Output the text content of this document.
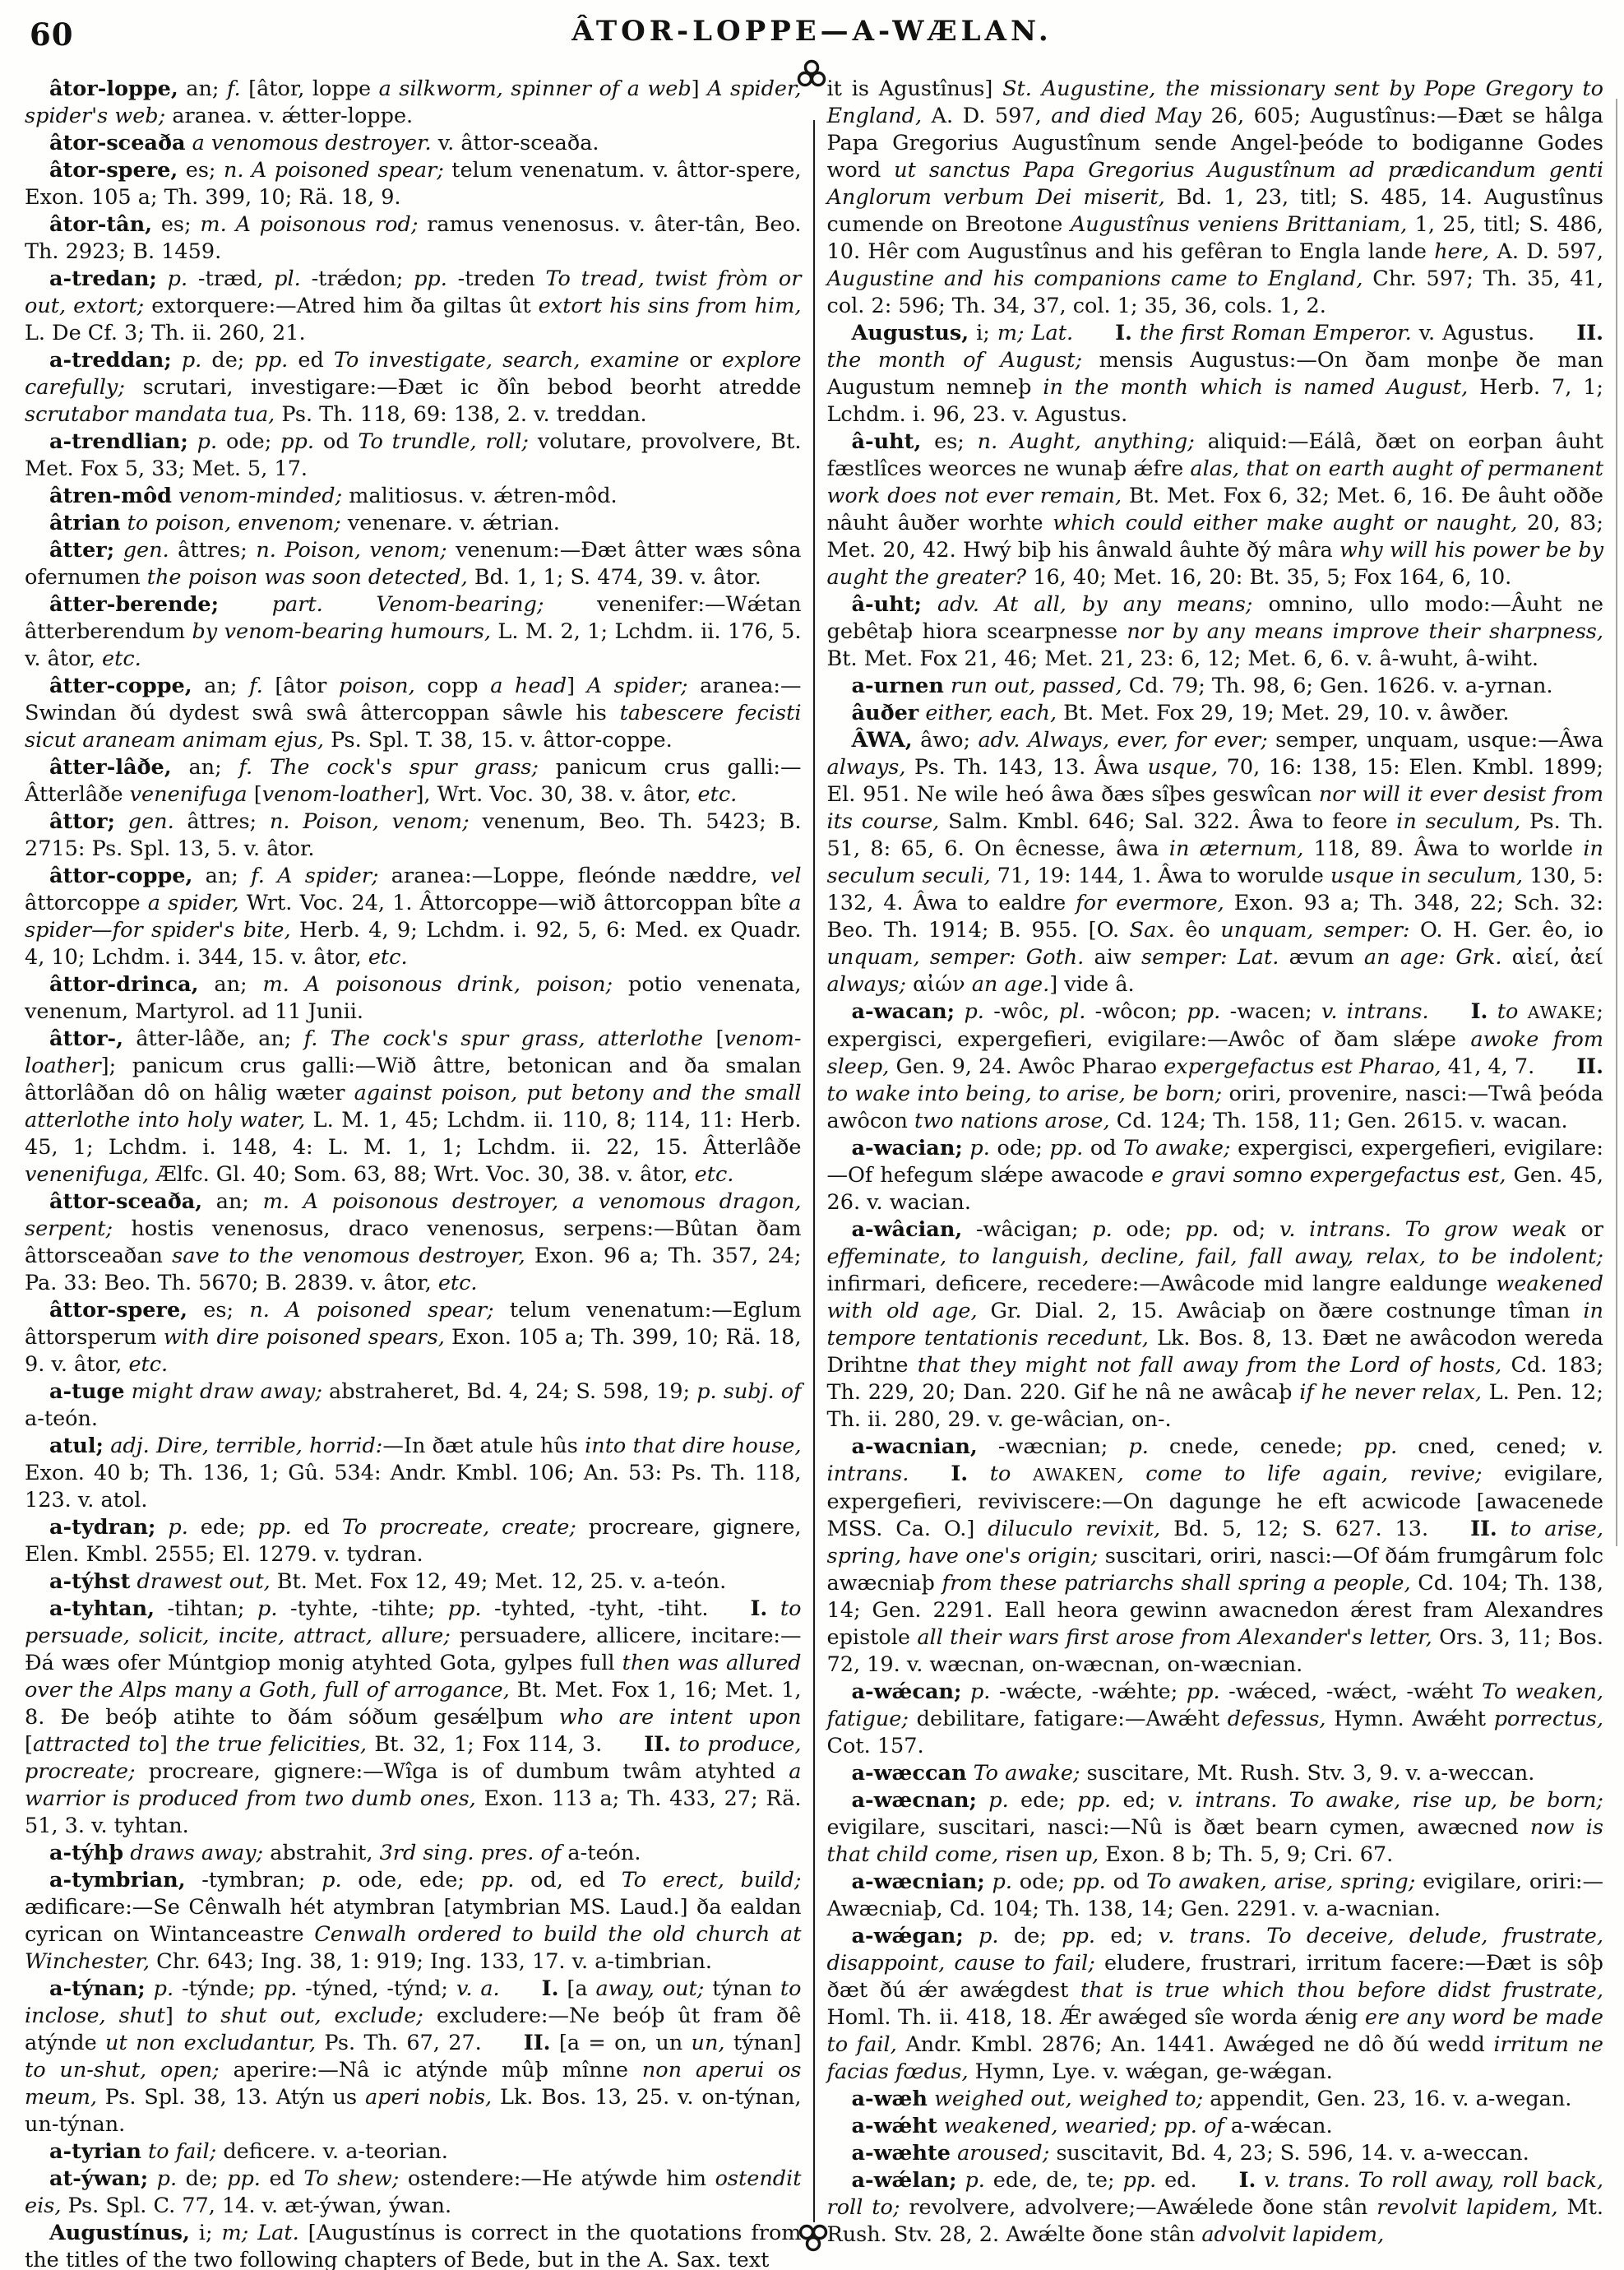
60	ÂTOR-LOPPE—A-WÆLAN.

âtor-loppe, an; f. [âtor, loppe a silkworm, spinner of a web] A spider, spider's web; aranea. v. ǽtter-loppe.

âtor-sceaða a venomous destroyer. v. âttor-sceaða.

âtor-spere, es; n. A poisoned spear; telum venenatum. v. âttor-spere, Exon. 105 a; Th. 399, 10; Rä. 18, 9.

âtor-tân, es; m. A poisonous rod; ramus venenosus. v. âter-tân, Beo. Th. 2923; B. 1459.

a-tredan; p. -træd, pl. -trǽdon; pp. -treden To tread, twist fròm or out, extort; extorquere:—Atred him ða giltas ût extort his sins from him, L. De Cf. 3; Th. ii. 260, 21.

a-treddan; p. de; pp. ed To investigate, search, examine or explore carefully; scrutari, investigare:—Ðæt ic ðîn bebod beorht atredde scrutabor mandata tua, Ps. Th. 118, 69: 138, 2. v. treddan.

a-trendlian; p. ode; pp. od To trundle, roll; volutare, provolvere, Bt. Met. Fox 5, 33; Met. 5, 17.

âtren-môd venom-minded; malitiosus. v. ǽtren-môd.

âtrian to poison, envenom; venenare. v. ǽtrian.

âtter; gen. âttres; n. Poison, venom; venenum:—Ðæt âtter wæs sôna ofernumen the poison was soon detected, Bd. 1, 1; S. 474, 39. v. âtor.

âtter-berende;	part. Venom-bearing; venenifer:—Wǽtan âtterberendum by venom-bearing humours, L. M. 2, 1; Lchdm. ii. 176, 5. v. âtor, etc.

âtter-coppe, an; f. [âtor poison, copp a head] A spider; aranea:—Swindan ðú dydest swâ swâ âttercoppan sâwle his tabescere fecisti sicut araneam animam ejus, Ps. Spl. T. 38, 15. v. âttor-coppe.

âtter-lâðe, an; f. The cock's spur grass; panicum crus galli:—Âtterlâðe venenifuga [venom-loather], Wrt. Voc. 30, 38. v. âtor, etc.

âttor; gen. âttres; n. Poison, venom; venenum, Beo. Th. 5423; B. 2715: Ps. Spl. 13, 5. v. âtor.

âttor-coppe, an; f. A spider; aranea:—Loppe, fleónde næddre, vel âttorcoppe a spider, Wrt. Voc. 24, 1. Âttorcoppe—wið âttorcoppan bîte a spider—for spider's bite, Herb. 4, 9; Lchdm. i. 92, 5, 6: Med. ex Quadr. 4, 10; Lchdm. i. 344, 15. v. âtor, etc.

âttor-drinca, an; m. A poisonous drink, poison; potio venenata, venenum, Martyrol. ad 11 Junii.

âttor-, âtter-lâðe, an; f. The cock's spur grass, atterlothe [venom-loather]; panicum crus galli:—Wið âttre, betonican and ða smalan âttorlâðan dô on hâlig wæter against poison, put betony and the small atterlothe into holy water, L. M. 1, 45; Lchdm. ii. 110, 8; 114, 11: Herb. 45, 1; Lchdm. i. 148, 4: L. M. 1, 1; Lchdm. ii. 22, 15. Âtterlâðe venenifuga, Ælfc. Gl. 40; Som. 63, 88; Wrt. Voc. 30, 38. v. âtor, etc.

âttor-sceaða, an; m. A poisonous destroyer, a venomous dragon, serpent; hostis venenosus, draco venenosus, serpens:—Bûtan ðam âttorsceaðan save to the venomous destroyer, Exon. 96 a; Th. 357, 24; Pa. 33: Beo. Th. 5670; B. 2839. v. âtor, etc.

âttor-spere, es; n. A poisoned spear; telum venenatum:—Eglum âttorsperum with dire poisoned spears, Exon. 105 a; Th. 399, 10; Rä. 18, 9. v. âtor, etc.

a-tuge might draw away; abstraheret, Bd. 4, 24; S. 598, 19; p. subj. of a-teón.

atul; adj. Dire, terrible, horrid:—In ðæt atule hûs into that dire house, Exon. 40 b; Th. 136, 1; Gû. 534: Andr. Kmbl. 106; An. 53: Ps. Th. 118, 123. v. atol.

a-tydran; p. ede; pp. ed To procreate, create; procreare, gignere, Elen. Kmbl. 2555; El. 1279. v. tydran.

a-týhst drawest out, Bt. Met. Fox 12, 49; Met. 12, 25. v. a-teón.

a-tyhtan, -tihtan; p. -tyhte, -tihte; pp. -tyhted, -tyht, -tiht.  I. to persuade, solicit, incite, attract, allure; persuadere, allicere, incitare:—Ðá wæs ofer Múntgiop monig atyhted Gota, gylpes full then was allured over the Alps many a Goth, full of arrogance, Bt. Met. Fox 1, 16; Met. 1, 8. Ðe beóþ atihte to ðám sóðum gesǽlþum who are intent upon [attracted to] the true felicities, Bt. 32, 1; Fox 114, 3.  II. to produce, procreate; procreare, gignere:—Wîga is of dumbum twâm atyhted a warrior is produced from two dumb ones, Exon. 113 a; Th. 433, 27; Rä. 51, 3. v. tyhtan.

a-týhþ draws away; abstrahit, 3rd sing. pres. of a-teón.

a-tymbrian, -tymbran; p. ode, ede; pp. od, ed To erect, build; ædificare:—Se Cênwalh hét atymbran [atymbrian MS. Laud.] ða ealdan cyrican on Wintanceastre Cenwalh ordered to build the old church at Winchester, Chr. 643; Ing. 38, 1: 919; Ing. 133, 17. v. a-timbrian.

a-týnan; p. -týnde; pp. -týned, -týnd; v. a.   I. [a away, out; týnan to inclose, shut] to shut out, exclude; excludere:—Ne beóþ ût fram ðê atýnde ut non excludantur, Ps. Th. 67, 27.  II. [a = on, un un, týnan] to un-shut, open; aperire:—Nâ ic atýnde mûþ mînne non aperui os meum, Ps. Spl. 38, 13. Atýn us aperi nobis, Lk. Bos. 13, 25. v. on-týnan, un-týnan.

a-tyrian to fail; deficere. v. a-teorian.

at-ýwan; p. de; pp. ed To shew; ostendere:—He atýwde him ostendit eis, Ps. Spl. C. 77, 14. v. æt-ýwan, ýwan.

Augustínus, i; m; Lat. [Augustínus is correct in the quotations from the titles of the two following chapters of Bede, but in the A. Sax. text

it is Agustînus] St. Augustine, the missionary sent by Pope Gregory to England, A. D. 597, and died May 26, 605; Augustînus:—Ðæt se hâlga Papa Gregorius Augustînum sende Angel-þeóde to bodiganne Godes word ut sanctus Papa Gregorius Augustînum ad prædicandum genti Anglorum verbum Dei miserit, Bd. 1, 23, titl; S. 485, 14. Augustînus cumende on Breotone Augustînus veniens Brittaniam, 1, 25, titl; S. 486, 10. Hêr com Augustînus and his gefêran to Engla lande here, A. D. 597, Augustine and his companions came to England, Chr. 597; Th. 35, 41, col. 2: 596; Th. 34, 37, col. 1; 35, 36, cols. 1, 2.

Augustus, i; m; Lat.   I. the first Roman Emperor. v. Agustus.  II. the month of August; mensis Augustus:—On ðam monþe ðe man Augustum nemneþ in the month which is named August, Herb. 7, 1; Lchdm. i. 96, 23. v. Agustus.

â-uht, es; n. Aught, anything; aliquid:—Eálâ, ðæt on eorþan âuht fæstlîces weorces ne wunaþ ǽfre alas, that on earth aught of permanent work does not ever remain, Bt. Met. Fox 6, 32; Met. 6, 16. Ðe âuht oððe nâuht âuðer worhte which could either make aught or naught, 20, 83; Met. 20, 42. Hwý biþ his ânwald âuhte ðý mâra why will his power be by aught the greater? 16, 40; Met. 16, 20: Bt. 35, 5; Fox 164, 6, 10.

â-uht; adv. At all, by any means; omnino, ullo modo:—Âuht ne gebêtaþ hiora scearpnesse nor by any means improve their sharpness, Bt. Met. Fox 21, 46; Met. 21, 23: 6, 12; Met. 6, 6. v. â-wuht, â-wiht.

a-urnen run out, passed, Cd. 79; Th. 98, 6; Gen. 1626. v. a-yrnan.

âuðer either, each, Bt. Met. Fox 29, 19; Met. 29, 10. v. âwðer.

ÂWA, âwo; adv. Always, ever, for ever; semper, unquam, usque:—Âwa always, Ps. Th. 143, 13. Âwa usque, 70, 16: 138, 15: Elen. Kmbl. 1899; El. 951. Ne wile heó âwa ðæs sîþes geswîcan nor will it ever desist from its course, Salm. Kmbl. 646; Sal. 322. Âwa to feore in seculum, Ps. Th. 51, 8: 65, 6. On êcnesse, âwa in æternum, 118, 89. Âwa to worlde in seculum seculi, 71, 19: 144, 1. Âwa to worulde usque in seculum, 130, 5: 132, 4. Âwa to ealdre for evermore, Exon. 93 a; Th. 348, 22; Sch. 32: Beo. Th. 1914; B. 955. [O. Sax. êo unquam, semper: O. H. Ger. êo, io unquam, semper: Goth. aiw semper: Lat. ævum an age: Grk. αἰεί, ἀεί always; αἰών an age.] vide â.

a-wacan; p. -wôc, pl. -wôcon; pp. -wacen; v. intrans.   I. to AWAKE; expergisci, expergefieri, evigilare:—Awôc of ðam slǽpe awoke from sleep, Gen. 9, 24. Awôc Pharao expergefactus est Pharao, 41, 4, 7.  II. to wake into being, to arise, be born; oriri, provenire, nasci:—Twâ þeóda awôcon two nations arose, Cd. 124; Th. 158, 11; Gen. 2615. v. wacan.

a-wacian; p. ode; pp. od To awake; expergisci, expergefieri, evigilare:—Of hefegum slǽpe awacode e gravi somno expergefactus est, Gen. 45, 26. v. wacian.

a-wâcian, -wâcigan; p. ode; pp. od; v. intrans. To grow weak or effeminate, to languish, decline, fail, fall away, relax, to be indolent; infirmari, deficere, recedere:—Awâcode mid langre ealdunge weakened with old age, Gr. Dial. 2, 15. Awâciaþ on ðære costnunge tîman in tempore tentationis recedunt, Lk. Bos. 8, 13. Ðæt ne awâcodon wereda Drihtne that they might not fall away from the Lord of hosts, Cd. 183; Th. 229, 20; Dan. 220. Gif he nâ ne awâcaþ if he never relax, L. Pen. 12; Th. ii. 280, 29. v. ge-wâcian, on-.

a-wacnian, -wæcnian; p. cnede, cenede; pp. cned, cened; v. intrans.   I. to AWAKEN, come to life again, revive; evigilare, expergefieri, reviviscere:—On dagunge he eft acwicode [awacenede MSS. Ca. O.] diluculo revixit, Bd. 5, 12; S. 627. 13.  II. to arise, spring, have one's origin; suscitari, oriri, nasci:—Of ðám frumgârum folc awæcniaþ from these patriarchs shall spring a people, Cd. 104; Th. 138, 14; Gen. 2291. Eall heora gewinn awacnedon ǽrest fram Alexandres epistole all their wars first arose from Alexander's letter, Ors. 3, 11; Bos. 72, 19. v. wæcnan, on-wæcnan, on-wæcnian.

a-wǽcan; p. -wǽcte, -wǽhte; pp. -wǽced, -wǽct, -wǽht To weaken, fatigue; debilitare, fatigare:—Awǽht defessus, Hymn. Awǽht porrectus, Cot. 157.

a-wæccan To awake; suscitare, Mt. Rush. Stv. 3, 9. v. a-weccan.

a-wæcnan; p. ede; pp. ed; v. intrans. To awake, rise up, be born; evigilare, suscitari, nasci:—Nû is ðæt bearn cymen, awæcned now is that child come, risen up, Exon. 8 b; Th. 5, 9; Cri. 67.

a-wæcnian; p. ode; pp. od To awaken, arise, spring; evigilare, oriri:—Awæcniaþ, Cd. 104; Th. 138, 14; Gen. 2291. v. a-wacnian.

a-wǽgan; p. de; pp. ed; v. trans. To deceive, delude, frustrate, disappoint, cause to fail; eludere, frustrari, irritum facere:—Ðæt is sôþ ðæt ðú ǽr awǽgdest that is true which thou before didst frustrate, Homl. Th. ii. 418, 18. Ǽr awǽged sîe worda ǽnig ere any word be made to fail, Andr. Kmbl. 2876; An. 1441. Awǽged ne dô ðú wedd irritum ne facias fœdus, Hymn, Lye. v. wǽgan, ge-wǽgan.

a-wæh weighed out, weighed to; appendit, Gen. 23, 16. v. a-wegan.

a-wǽht weakened, wearied; pp. of a-wǽcan.

a-wæhte aroused; suscitavit, Bd. 4, 23; S. 596, 14. v. a-weccan.

a-wǽlan; p. ede, de, te; pp. ed.  I. v. trans. To roll away, roll back, roll to; revolvere, advolvere;—Awǽlede ðone stân revolvit lapidem, Mt. Rush. Stv. 28, 2. Awǽlte ðone stân advolvit lapidem,
